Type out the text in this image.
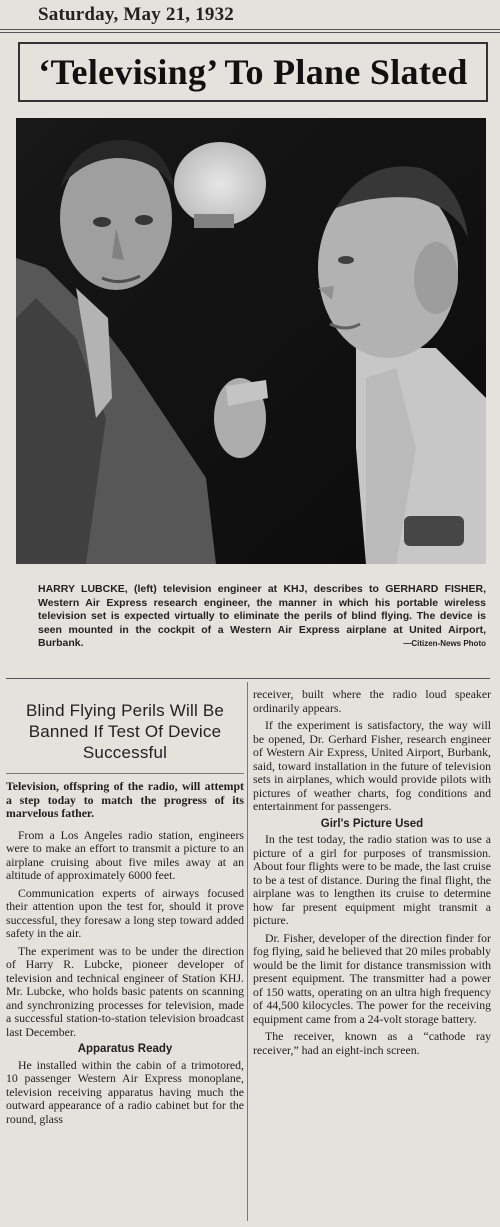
Saturday, May 21, 1932
‘Televising’ To Plane Slated
HARRY LUBCKE, (left) television engineer at KHJ, describes to GERHARD FISHER, Western Air Express research engineer, the manner in which his portable wireless television set is expected virtually to eliminate the perils of blind flying. The device is seen mounted in the cockpit of a Western Air Express airplane at United Airport, Burbank.	—Citizen-News Photo
Blind Flying Perils Will Be Banned If Test Of Device Successful
Television, offspring of the radio, will attempt a step today to match the progress of its marvelous father.

From a Los Angeles radio station, engineers were to make an effort to transmit a picture to an airplane cruising about five miles away at an altitude of approximately 6000 feet.

Communication experts of airways focused their attention upon the test for, should it prove successful, they foresaw a long step toward added safety in the air.

The experiment was to be under the direction of Harry R. Lubcke, pioneer developer of television and technical engineer of Station KHJ. Mr. Lubcke, who holds basic patents on scanning and synchronizing processes for television, made a successful station-to-station television broadcast last December.

Apparatus Ready

He installed within the cabin of a trimotored, 10 passenger Western Air Express monoplane, television receiving apparatus having much the outward appearance of a radio cabinet but for the round, glass

receiver, built where the radio loud speaker ordinarily appears.

If the experiment is satisfactory, the way will be opened, Dr. Gerhard Fisher, research engineer of Western Air Express, United Airport, Burbank, said, toward installation in the future of television sets in airplanes, which would provide pilots with pictures of weather charts, fog conditions and entertainment for passengers.

Girl's Picture Used

In the test today, the radio station was to use a picture of a girl for purposes of transmission. About four flights were to be made, the last cruise to be a test of distance. During the final flight, the airplane was to lengthen its cruise to determine how far present equipment might transmit a picture.

Dr. Fisher, developer of the direction finder for fog flying, said he believed that 20 miles probably would be the limit for distance transmission with present equipment. The transmitter had a power of 150 watts, operating on an ultra high frequency of 44,500 kilocycles. The power for the receiving equipment came from a 24-volt storage battery.

The receiver, known as a “cathode ray receiver,” had an eight-inch screen.
